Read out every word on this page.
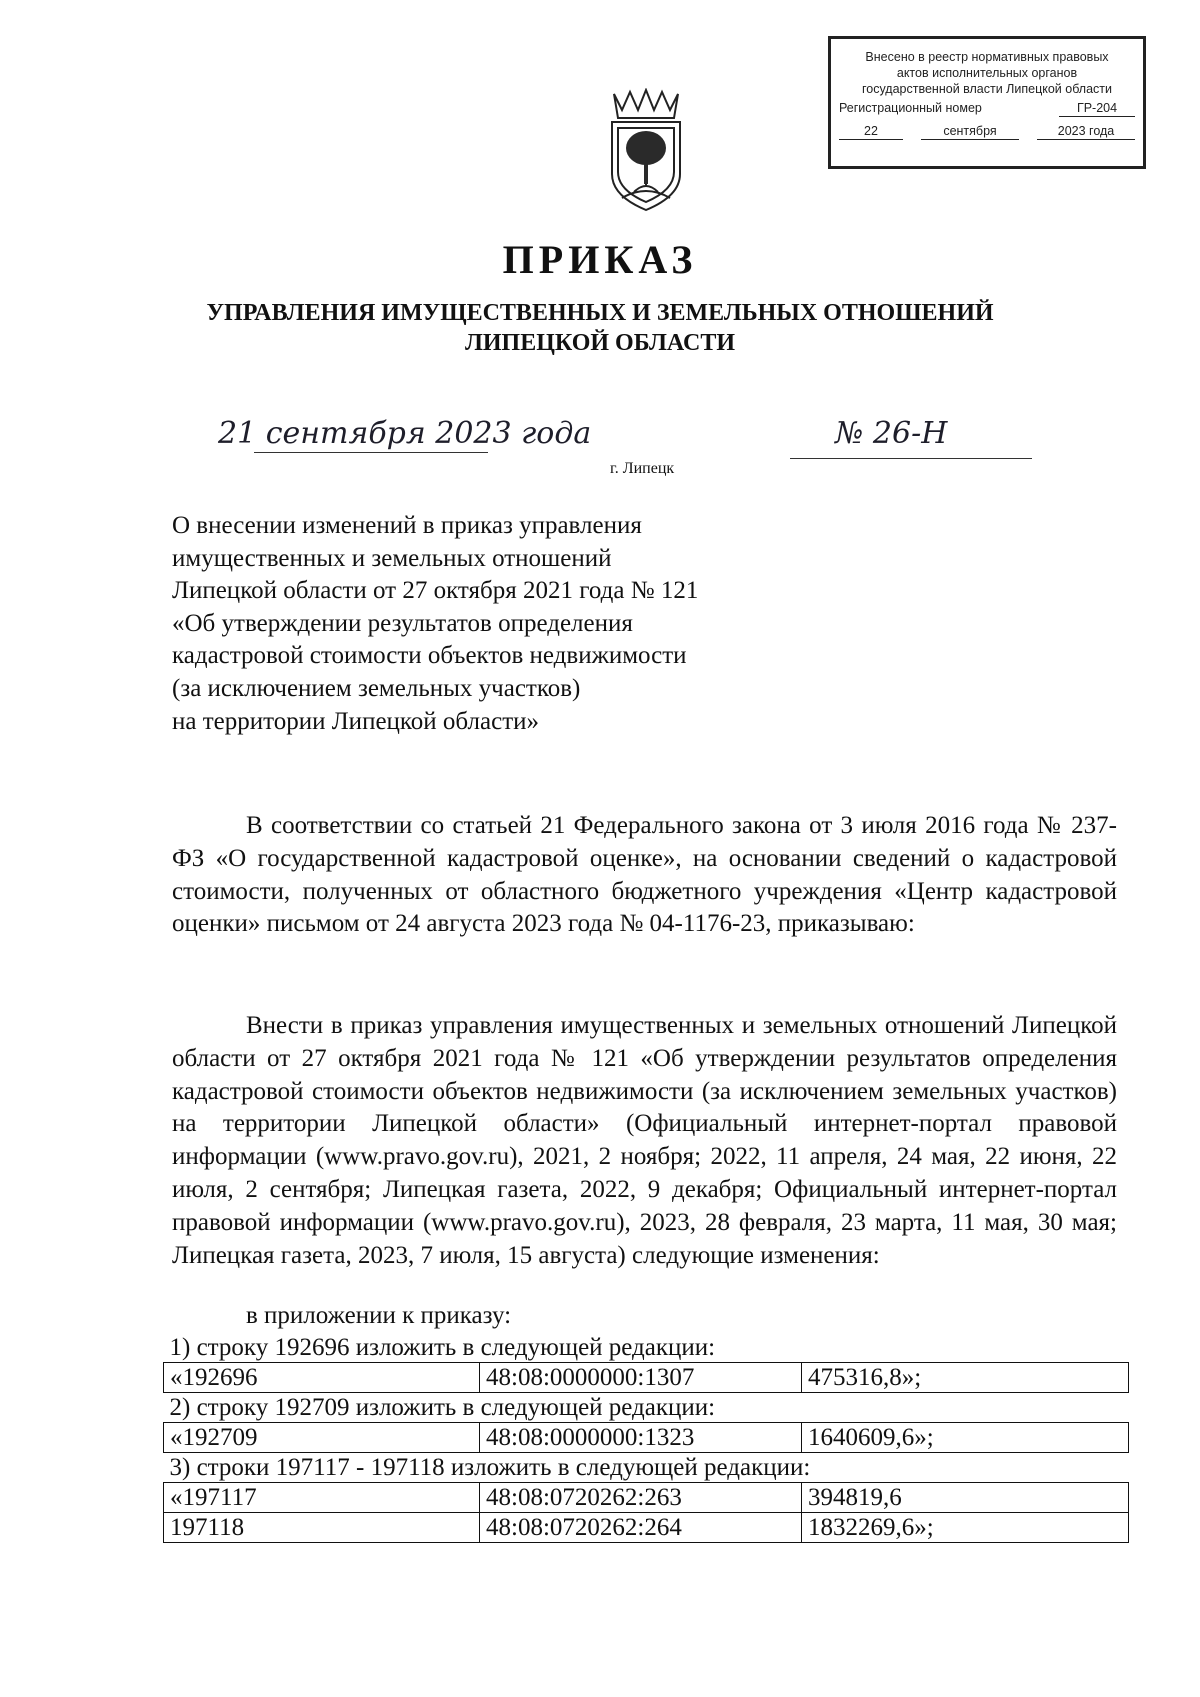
Внесено в реестр нормативных правовых
актов исполнительных органов
государственной власти Липецкой области
Регистрационный номер	ГР-204
22	сентября	2023 года
ПРИКАЗ
УПРАВЛЕНИЯ ИМУЩЕСТВЕННЫХ И ЗЕМЕЛЬНЫХ ОТНОШЕНИЙ
ЛИПЕЦКОЙ ОБЛАСТИ
21 сентября 2023 года	№ 26-Н
г. Липецк
О внесении изменений в приказ управления
имущественных и земельных отношений
Липецкой области от 27 октября 2021 года № 121
«Об утверждении результатов определения
кадастровой стоимости объектов недвижимости
(за исключением земельных участков)
на территории Липецкой области»
В соответствии со статьей 21 Федерального закона от 3 июля 2016 года № 237-ФЗ «О государственной кадастровой оценке», на основании сведений о кадастровой стоимости, полученных от областного бюджетного учреждения «Центр кадастровой оценки» письмом от 24 августа 2023 года № 04-1176-23, приказываю:
Внести в приказ управления имущественных и земельных отношений Липецкой области от 27 октября 2021 года № 121 «Об утверждении результатов определения кадастровой стоимости объектов недвижимости (за исключением земельных участков) на территории Липецкой области» (Официальный интернет-портал правовой информации (www.pravo.gov.ru), 2021, 2 ноября; 2022, 11 апреля, 24 мая, 22 июня, 22 июля, 2 сентября; Липецкая газета, 2022, 9 декабря; Официальный интернет-портал правовой информации (www.pravo.gov.ru), 2023, 28 февраля, 23 марта, 11 мая, 30 мая; Липецкая газета, 2023, 7 июля, 15 августа) следующие изменения:
в приложении к приказу:
1) строку 192696 изложить в следующей редакции:		
«192696	48:08:0000000:1307	475316,8»;
2) строку 192709 изложить в следующей редакции:		
«192709	48:08:0000000:1323	1640609,6»;
3) строки 197117 - 197118 изложить в следующей редакции:		
«197117	48:08:0720262:263	394819,6
197118	48:08:0720262:264	1832269,6»;
